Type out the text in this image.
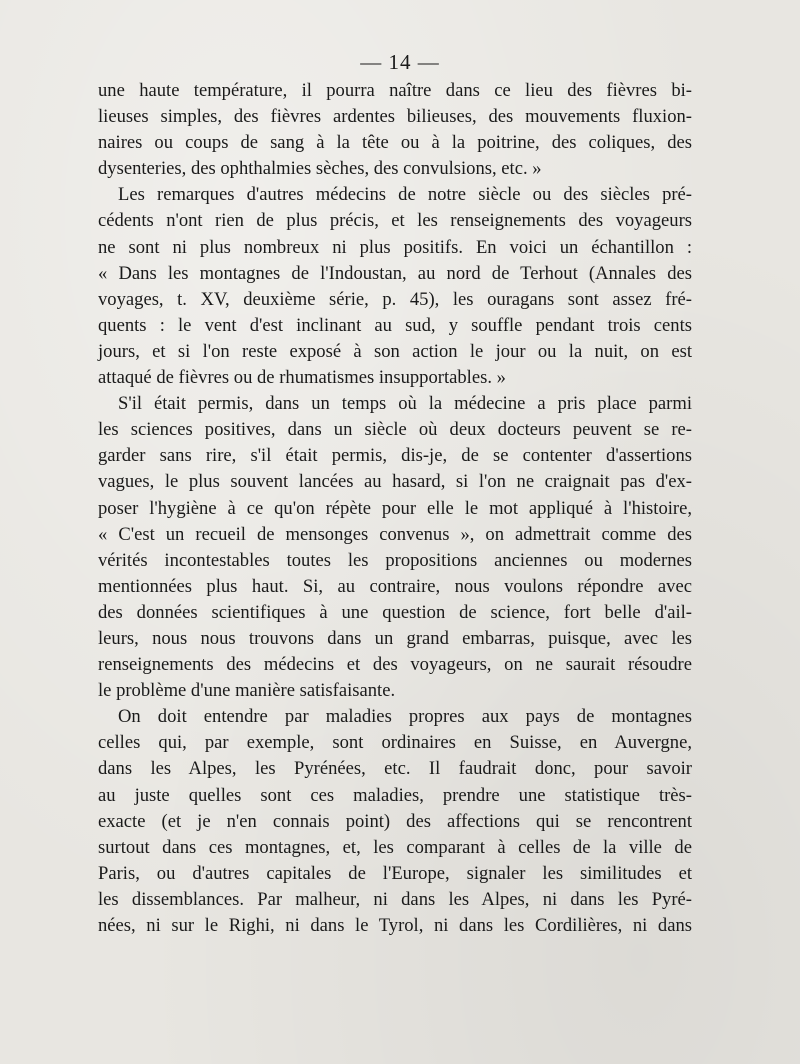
— 14 —
une haute température, il pourra naître dans ce lieu des fièvres bi-
lieuses simples, des fièvres ardentes bilieuses, des mouvements fluxion-
naires ou coups de sang à la tête ou à la poitrine, des coliques, des
dysenteries, des ophthalmies sèches, des convulsions, etc. »
Les remarques d'autres médecins de notre siècle ou des siècles pré-
cédents n'ont rien de plus précis, et les renseignements des voyageurs
ne sont ni plus nombreux ni plus positifs. En voici un échantillon :
« Dans les montagnes de l'Indoustan, au nord de Terhout (Annales des
voyages, t. XV, deuxième série, p. 45), les ouragans sont assez fré-
quents : le vent d'est inclinant au sud, y souffle pendant trois cents
jours, et si l'on reste exposé à son action le jour ou la nuit, on est
attaqué de fièvres ou de rhumatismes insupportables. »
S'il était permis, dans un temps où la médecine a pris place parmi
les sciences positives, dans un siècle où deux docteurs peuvent se re-
garder sans rire, s'il était permis, dis-je, de se contenter d'assertions
vagues, le plus souvent lancées au hasard, si l'on ne craignait pas d'ex-
poser l'hygiène à ce qu'on répète pour elle le mot appliqué à l'histoire,
« C'est un recueil de mensonges convenus », on admettrait comme des
vérités incontestables toutes les propositions anciennes ou modernes
mentionnées plus haut. Si, au contraire, nous voulons répondre avec
des données scientifiques à une question de science, fort belle d'ail-
leurs, nous nous trouvons dans un grand embarras, puisque, avec les
renseignements des médecins et des voyageurs, on ne saurait résoudre
le problème d'une manière satisfaisante.
On doit entendre par maladies propres aux pays de montagnes
celles qui, par exemple, sont ordinaires en Suisse, en Auvergne,
dans les Alpes, les Pyrénées, etc. Il faudrait donc, pour savoir
au juste quelles sont ces maladies, prendre une statistique très-
exacte (et je n'en connais point) des affections qui se rencontrent
surtout dans ces montagnes, et, les comparant à celles de la ville de
Paris, ou d'autres capitales de l'Europe, signaler les similitudes et
les dissemblances. Par malheur, ni dans les Alpes, ni dans les Pyré-
nées, ni sur le Righi, ni dans le Tyrol, ni dans les Cordilières, ni dans
